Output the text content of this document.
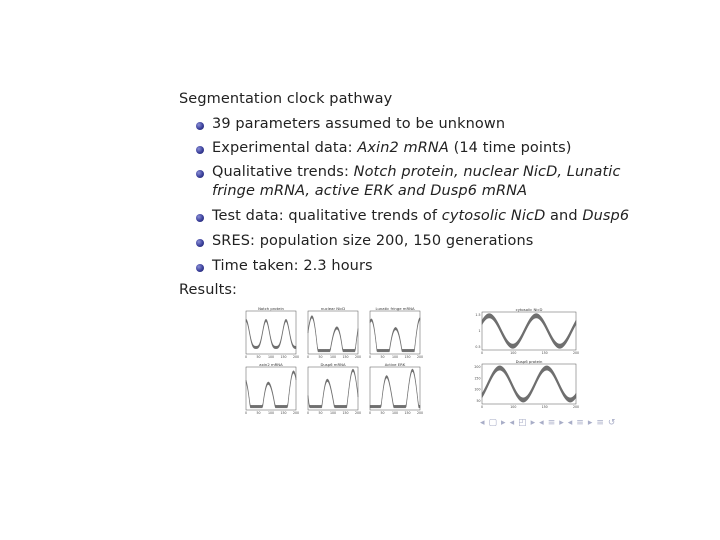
Segmentation clock pathway
39 parameters assumed to be unknown
Experimental data: Axin2 mRNA (14 time points)
Qualitative trends: Notch protein, nuclear NicD, Lunatic
fringe mRNA, active ERK and Dusp6 mRNA
Test data: qualitative trends of cytosolic NicD and Dusp6
SRES: population size 200, 150 generations
Time taken: 2.3 hours
Results:
Notch protein
0	50 100 150 200
nuclear NicD
0	50 100 150 200
Lunatic fringe mRNA
0	50 100 150 200
axin2 mRNA
0	50 100 150 200
Dusp6 mRNA
0	50 100 150 200
Active ERK
0	50 100 150 200
cytosolic NicD
0	100	150	200
1.5
1
0.5
Dusp6 protein
0	100	150	200
200
150
100
50
◂ ▢ ▸ ◂ ◰ ▸ ◂ ≡ ▸ ◂ ≡ ▸ ≡ ↺
